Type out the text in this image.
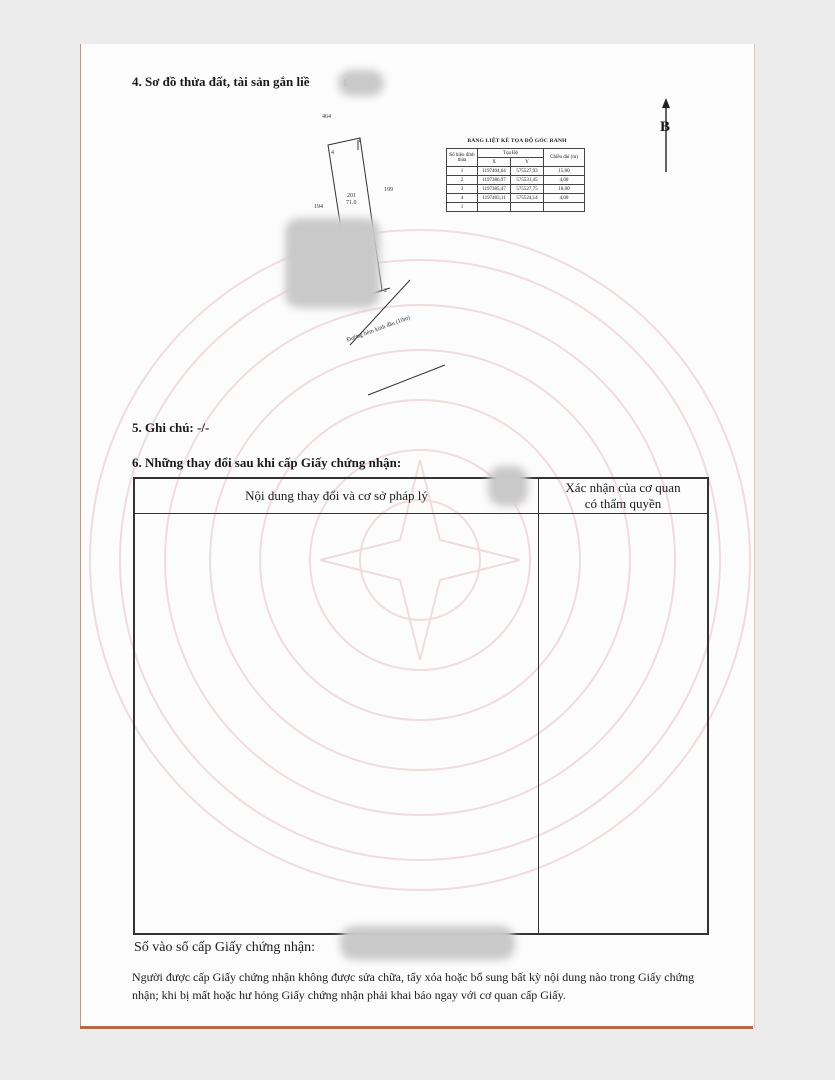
4. Sơ đồ thửa đất, tài sản gắn liề
B
464
194
199
201
71.0
4
1
2
Đường hẻm kinh đầu (10m)
BẢNG LIỆT KÊ TỌA ĐỘ GÓC RANH
Số hiệu đỉnh thửa	Tọa Độ		Chiều dài (m)
	X	Y	
1	1197404,64	575527,93	15,00
2	1197386,97	575531,45	4,00
3	1197385,47	575527,75	18,00
4	1197403,11	575524,14	4,00
1			
5. Ghi chú: -/-
6. Những thay đổi sau khi cấp Giấy chứng nhận:
Nội dung thay đổi và cơ sở pháp lý	Xác nhận của cơ quan
có thẩm quyền

Số vào sổ cấp Giấy chứng nhận:
Người được cấp Giấy chứng nhận không được sửa chữa, tẩy xóa hoặc bổ sung bất kỳ nội dung nào trong Giấy chứng nhận; khi bị mất hoặc hư hỏng Giấy chứng nhận phải khai báo ngay với cơ quan cấp Giấy.
